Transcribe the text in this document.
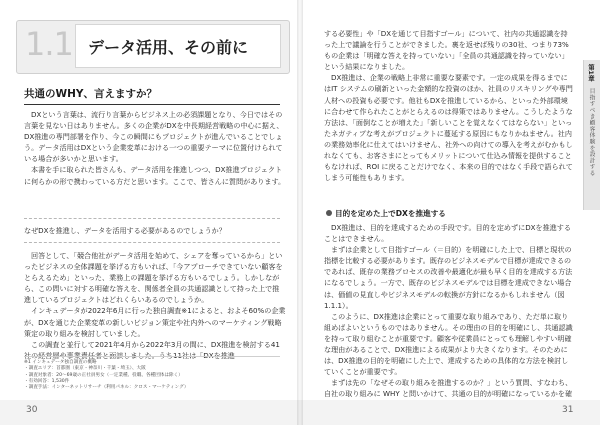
1.1 データ活用、その前に
共通のWHY、言えますか？

DXという言葉は、流行り言葉からビジネス上の必須課題となり、今日ではその言葉を見ない日はありません。多くの企業がDXを中長期経営戦略の中心に据え、DX推進の専門部署を作り、今この瞬間にもプロジェクトが進んでいることでしょう。データ活用はDXという企業変革における一つの重要テーマに位置付けられている場合が多いかと思います。

本書を手に取られた皆さんも、データ活用を推進しつつ、DX推進プロジェクトに何らかの形で携わっている方だと思います。ここで、皆さんに質問があります。

なぜDXを推進し、データを活用する必要があるのでしょうか？

回答として、「競合他社がデータ活用を始めて、シェアを奪っているから」といったビジネスの全体課題を挙げる方もいれば、「今アプローチできていない顧客をとらえるため」といった、業務上の課題を挙げる方もいるでしょう。しかしながら、この問いに対する明確な答えを、関係者全員の共通認識として持った上で推進しているプロジェクトはどれくらいあるのでしょうか。

インキュデータが2022年6月に行った独自調査※1によると、およそ60%の企業が、DXを通じた企業変革の新しいビジョン策定や社内外へのマーケティング戦略策定の取り組みを検討していました。

この調査と並行して2021年4月から2022年3月の間に、DX推進を検討する41社の経営層や事業責任者と面談しました。うち11社は「DXを推進

※1 インキュデータ独自調査の概略
・調査エリア：首都圏（東京・神奈川・千葉・埼玉）、大阪
・調査対象者：20～69歳の正社員男女（一定業種、役職、各種団体は除く）
・有効回答：1,530件
・調査手法：インターネットリサーチ（利用パネル：クロス・マーケティング）
30

する必要性」や「DXを通じて目指すゴール」について、社内の共通認識を持った上で議論を行うことができました。裏を返せば残りの30社、つまり73%もの企業は「明確な答えを持っていない」「全員の共通認識を持っていない」という結果になりました。

DX推進は、企業の戦略上非常に重要な要素です。一定の成果を得るまでにはIT システムの刷新といった金額的な投資のほか、社員のリスキリングや専門人材への投資も必要です。他社もDXを推進しているから、といった外部環境に合わせて作られたことがとらえるのは得策ではありません。こうしたような方法は、「面倒なことが増えた」「新しいことを覚えなくてはならない」といったネガティブな考えがプロジェクトに蔓延する原因にもなりかねません。社内の業務効率化に仕えてはいけません、社外への向けての導入を考えがむかもしれなくても、お客さまにとってもメリットについて仕込み情報を提供することもなければ、ROI に戻ることだけでなく、本来の目的ではなく手段で語られてしまう可能性もあります。

目的を定めた上でDXを推進する

DX推進は、目的を達成するための手段です。目的を定めずにDXを推進することはできません。

まずは企業として目指すゴール（＝目的）を明確にした上で、目標と現状の指標を比較する必要があります。既存のビジネスモデルで目標が達成できるのであれば、既存の業務プロセスの改善や最適化が最も早く目的を達成する方法になるでしょう。一方で、既存のビジネスモデルでは目標を達成できない場合は、価値の見直しやビジネスモデルの転換が方針になるかもしれません（図1.1.1）。

このように、DX推進は企業にとって重要な取り組みであり、ただ単に取り組めばよいというものではありません。その理由の目的を明確にし、共通認識を持って取り組むことが重要です。顧客や従業員にとっても理解しやすい明確な理由があることで、DX推進による成果がより大きくなります。そのためには、DX推進の目的を明確にした上で、達成するための具体的な方法を検討していくことが重要です。

まずは先の「なぜその取り組みを推進するのか？」という質問、すなわち、自社の取り組みに WHY と問いかけて、共通の目的が明確になっているかを確

第1章
目指すべき顧客体験を設計する
31
